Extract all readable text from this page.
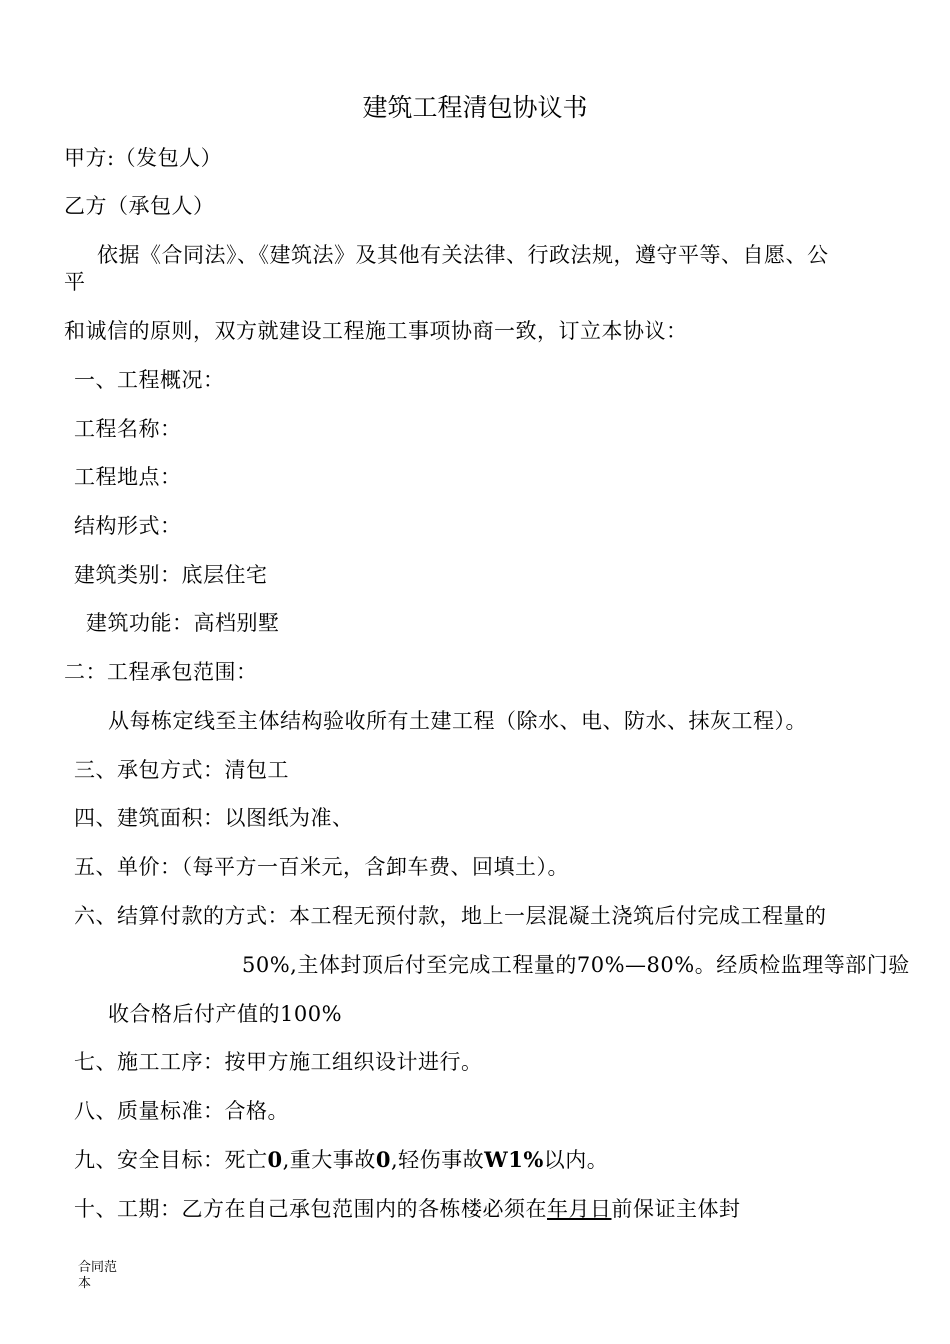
建筑工程清包协议书
甲方:（发包人）
乙方（承包人）
依据《合同法》、《建筑法》及其他有关法律、行政法规，遵守平等、自愿、公
平
和诚信的原则，双方就建设工程施工事项协商一致，订立本协议：
一、工程概况：
工程名称：
工程地点：
结构形式：
建筑类别：底层住宅
建筑功能：高档别墅
二：工程承包范围：
从每栋定线至主体结构验收所有土建工程（除水、电、防水、抹灰工程）。
三、承包方式：清包工
四、建筑面积：以图纸为准、
五、单价：（每平方一百米元，含卸车费、回填土）。
六、结算付款的方式：本工程无预付款，地上一层混凝土浇筑后付完成工程量的
50%,主体封顶后付至完成工程量的70%—80%。经质检监理等部门验
收合格后付产值的100%
七、施工工序：按甲方施工组织设计进行。
八、质量标准：合格。
九、安全目标：死亡0,重大事故0,轻伤事故W1%以内。
十、工期：乙方在自己承包范围内的各栋楼必须在年月日前保证主体封
合同范本
